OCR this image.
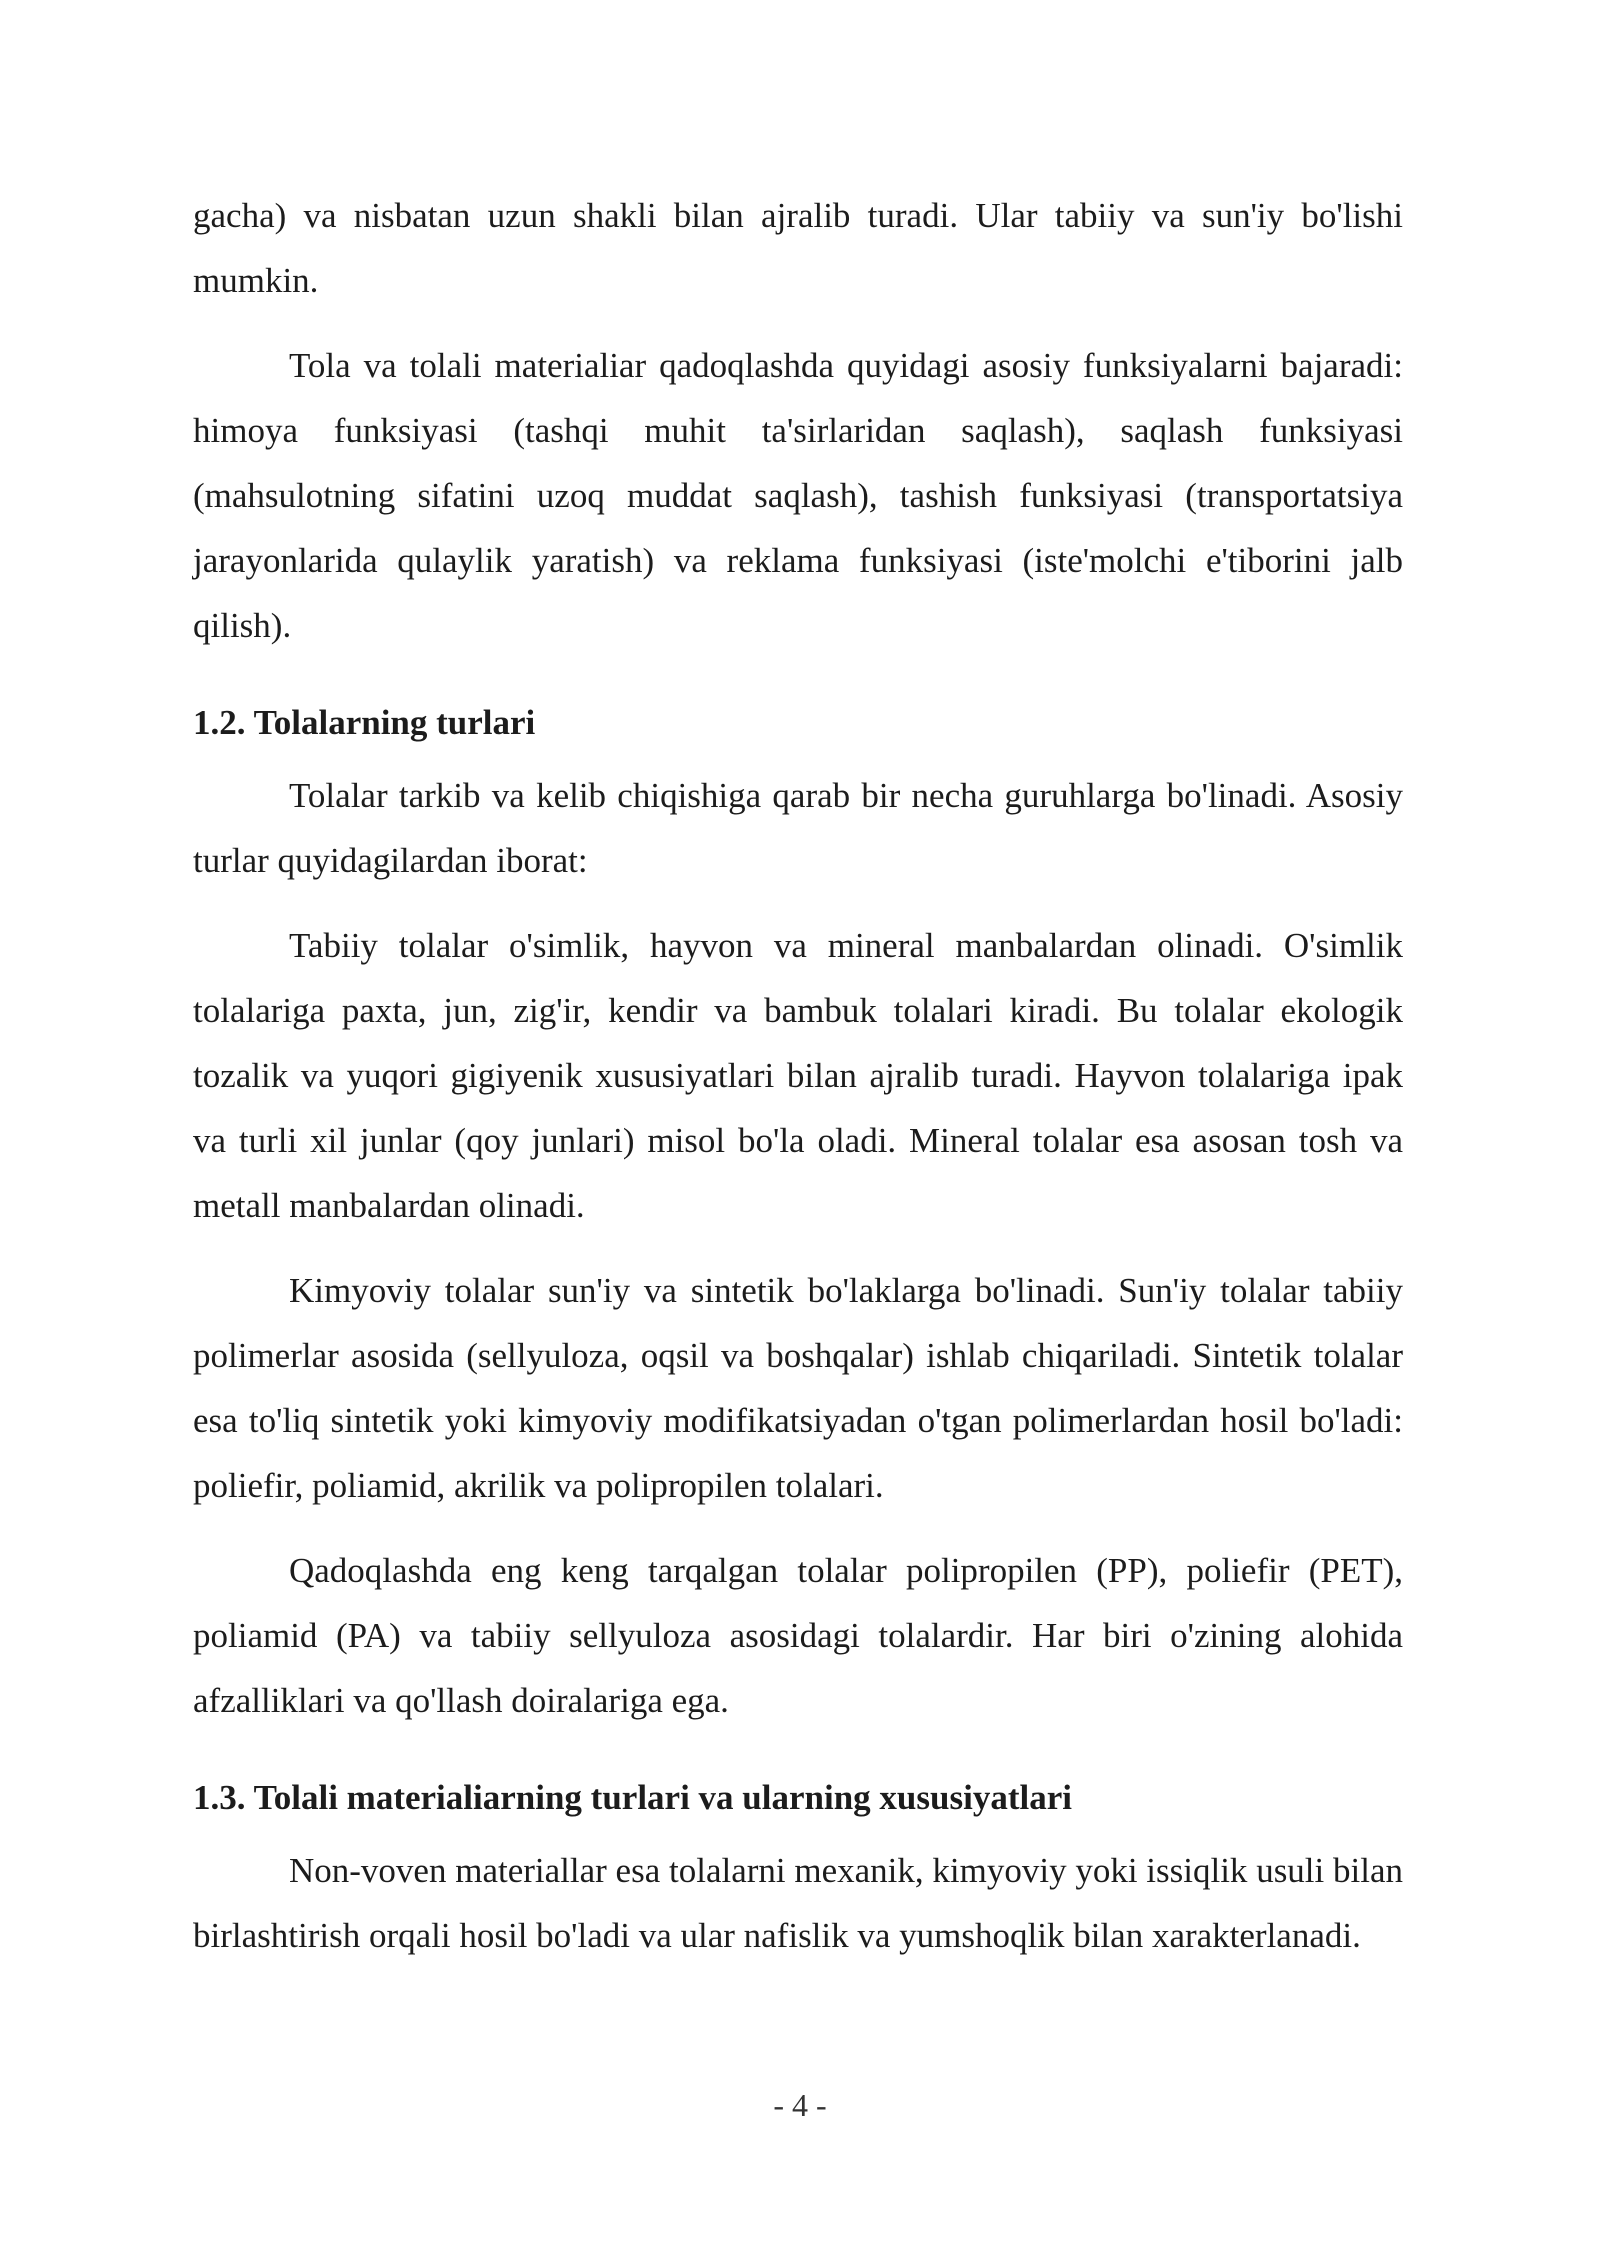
gacha) va nisbatan uzun shakli bilan ajralib turadi. Ular tabiiy va sun'iy bo'lishi mumkin.

Tola va tolali materialiar qadoqlashda quyidagi asosiy funksiyalarni bajaradi: himoya funksiyasi (tashqi muhit ta'sirlaridan saqlash), saqlash funksiyasi (mahsulotning sifatini uzoq muddat saqlash), tashish funksiyasi (transportatsiya jarayonlarida qulaylik yaratish) va reklama funksiyasi (iste'molchi e'tiborini jalb qilish).

1.2. Tolalarning turlari

Tolalar tarkib va kelib chiqishiga qarab bir necha guruhlarga bo'linadi. Asosiy turlar quyidagilardan iborat:

Tabiiy tolalar o'simlik, hayvon va mineral manbalardan olinadi. O'simlik tolalariga paxta, jun, zig'ir, kendir va bambuk tolalari kiradi. Bu tolalar ekologik tozalik va yuqori gigiyenik xususiyatlari bilan ajralib turadi. Hayvon tolalariga ipak va turli xil junlar (qoy junlari) misol bo'la oladi. Mineral tolalar esa asosan tosh va metall manbalardan olinadi.

Kimyoviy tolalar sun'iy va sintetik bo'laklarga bo'linadi. Sun'iy tolalar tabiiy polimerlar asosida (sellyuloza, oqsil va boshqalar) ishlab chiqariladi. Sintetik tolalar esa to'liq sintetik yoki kimyoviy modifikatsiyadan o'tgan polimerlardan hosil bo'ladi: poliefir, poliamid, akrilik va polipropilen tolalari.

Qadoqlashda eng keng tarqalgan tolalar polipropilen (PP), poliefir (PET), poliamid (PA) va tabiiy sellyuloza asosidagi tolalardir. Har biri o'zining alohida afzalliklari va qo'llash doiralariga ega.

1.3. Tolali materialiarning turlari va ularning xususiyatlari

Non-voven materiallar esa tolalarni mexanik, kimyoviy yoki issiqlik usuli bilan birlashtirish orqali hosil bo'ladi va ular nafislik va yumshoqlik bilan xarakterlanadi.

- 4 -
